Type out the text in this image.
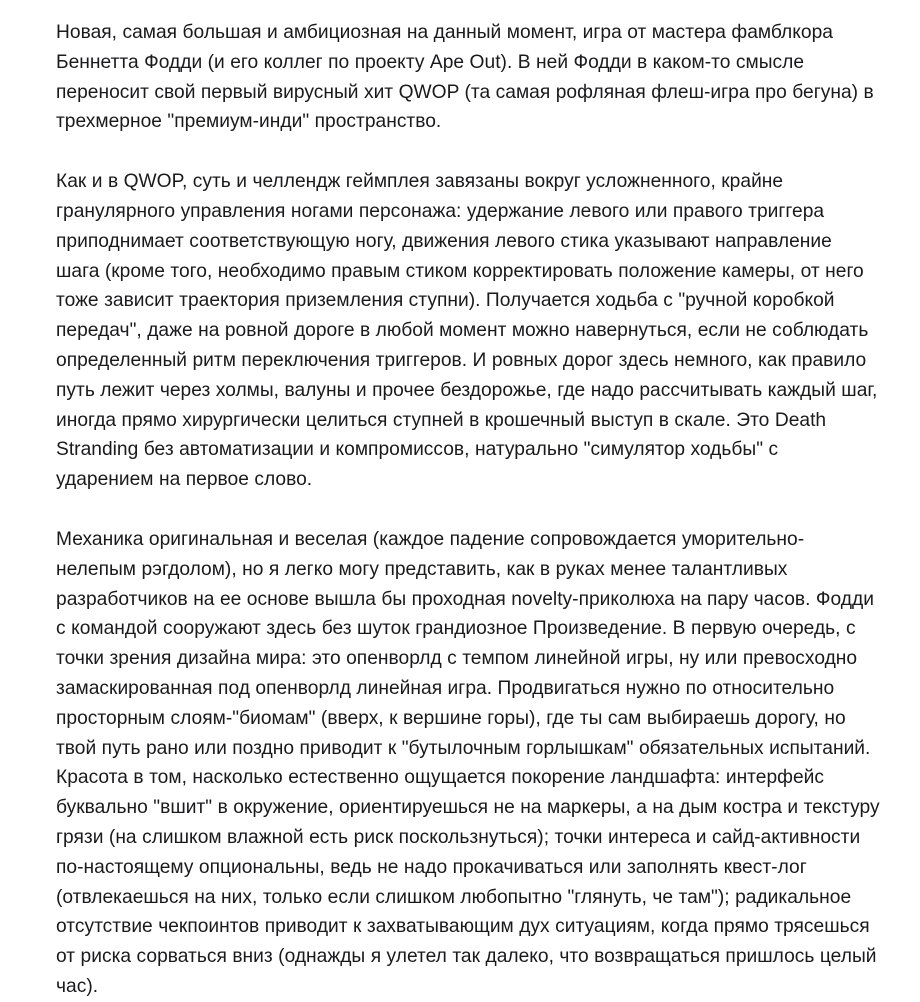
Новая, самая большая и амбициозная на данный момент, игра от мастера фамблкора Беннетта Фодди (и его коллег по проекту Ape Out). В ней Фодди в каком-то смысле переносит свой первый вирусный хит QWOP (та самая рофляная флеш-игра про бегуна) в трехмерное "премиум-инди" пространство.

Как и в QWOP, суть и челлендж геймплея завязаны вокруг усложненного, крайне гранулярного управления ногами персонажа: удержание левого или правого триггера приподнимает соответствующую ногу, движения левого стика указывают направление шага (кроме того, необходимо правым стиком корректировать положение камеры, от него тоже зависит траектория приземления ступни). Получается ходьба с "ручной коробкой передач", даже на ровной дороге в любой момент можно навернуться, если не соблюдать определенный ритм переключения триггеров. И ровных дорог здесь немного, как правило путь лежит через холмы, валуны и прочее бездорожье, где надо рассчитывать каждый шаг, иногда прямо хирургически целиться ступней в крошечный выступ в скале. Это Death Stranding без автоматизации и компромиссов, натурально "симулятор ходьбы" с ударением на первое слово.

Механика оригинальная и веселая (каждое падение сопровождается уморительно-нелепым рэгдолом), но я легко могу представить, как в руках менее талантливых разработчиков на ее основе вышла бы проходная novelty-приколюха на пару часов. Фодди с командой сооружают здесь без шуток грандиозное Произведение. В первую очередь, с точки зрения дизайна мира: это опенворлд с темпом линейной игры, ну или превосходно замаскированная под опенворлд линейная игра. Продвигаться нужно по относительно просторным слоям-"биомам" (вверх, к вершине горы), где ты сам выбираешь дорогу, но твой путь рано или поздно приводит к "бутылочным горлышкам" обязательных испытаний. Красота в том, насколько естественно ощущается покорение ландшафта: интерфейс буквально "вшит" в окружение, ориентируешься не на маркеры, а на дым костра и текстуру грязи (на слишком влажной есть риск поскользнуться); точки интереса и сайд-активности по-настоящему опциональны, ведь не надо прокачиваться или заполнять квест-лог (отвлекаешься на них, только если слишком любопытно "глянуть, че там"); радикальное отсутствие чекпоинтов приводит к захватывающим дух ситуациям, когда прямо трясешься от риска сорваться вниз (однажды я улетел так далеко, что возвращаться пришлось целый час).
